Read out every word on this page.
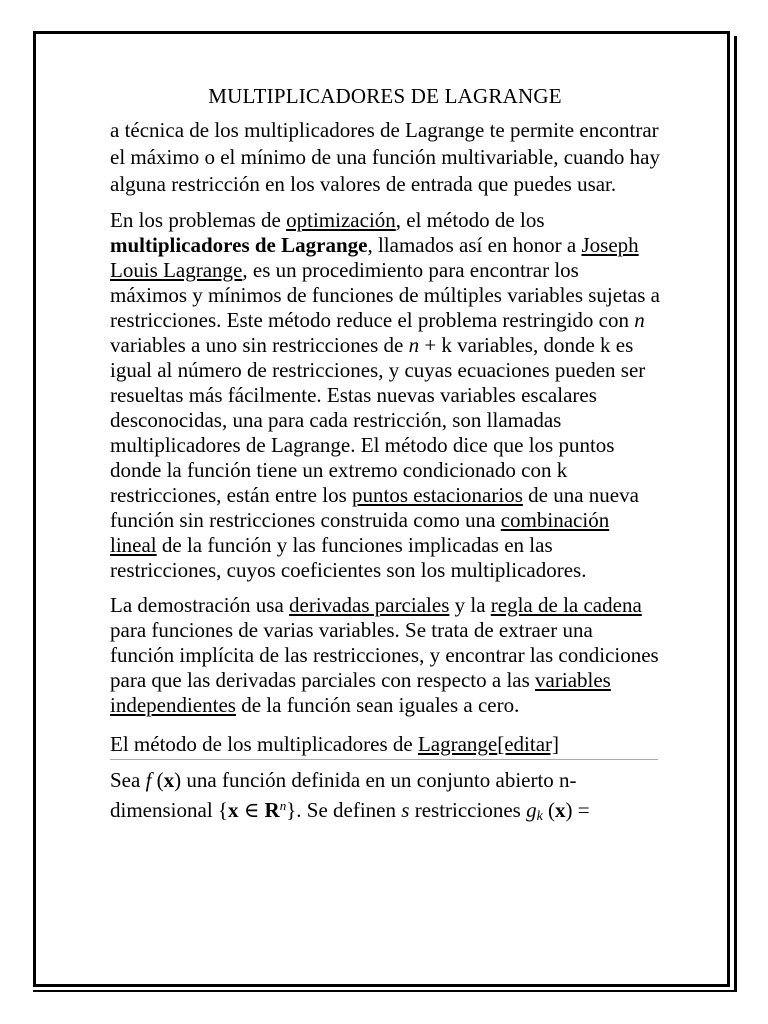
MULTIPLICADORES DE LAGRANGE

a técnica de los multiplicadores de Lagrange te permite encontrar el máximo o el mínimo de una función multivariable, cuando hay alguna restricción en los valores de entrada que puedes usar.

En los problemas de optimización, el método de los multiplicadores de Lagrange, llamados así en honor a Joseph Louis Lagrange, es un procedimiento para encontrar los máximos y mínimos de funciones de múltiples variables sujetas a restricciones. Este método reduce el problema restringido con n variables a uno sin restricciones de n + k variables, donde k es igual al número de restricciones, y cuyas ecuaciones pueden ser resueltas más fácilmente. Estas nuevas variables escalares desconocidas, una para cada restricción, son llamadas multiplicadores de Lagrange. El método dice que los puntos donde la función tiene un extremo condicionado con k restricciones, están entre los puntos estacionarios de una nueva función sin restricciones construida como una combinación lineal de la función y las funciones implicadas en las restricciones, cuyos coeficientes son los multiplicadores.

La demostración usa derivadas parciales y la regla de la cadena para funciones de varias variables. Se trata de extraer una función implícita de las restricciones, y encontrar las condiciones para que las derivadas parciales con respecto a las variables independientes de la función sean iguales a cero.

El método de los multiplicadores de Lagrange[editar]

Sea f (x) una función definida en un conjunto abierto n-dimensional {x ∈ $R^n$}. Se definen s restricciones $g_k$ (x) =
